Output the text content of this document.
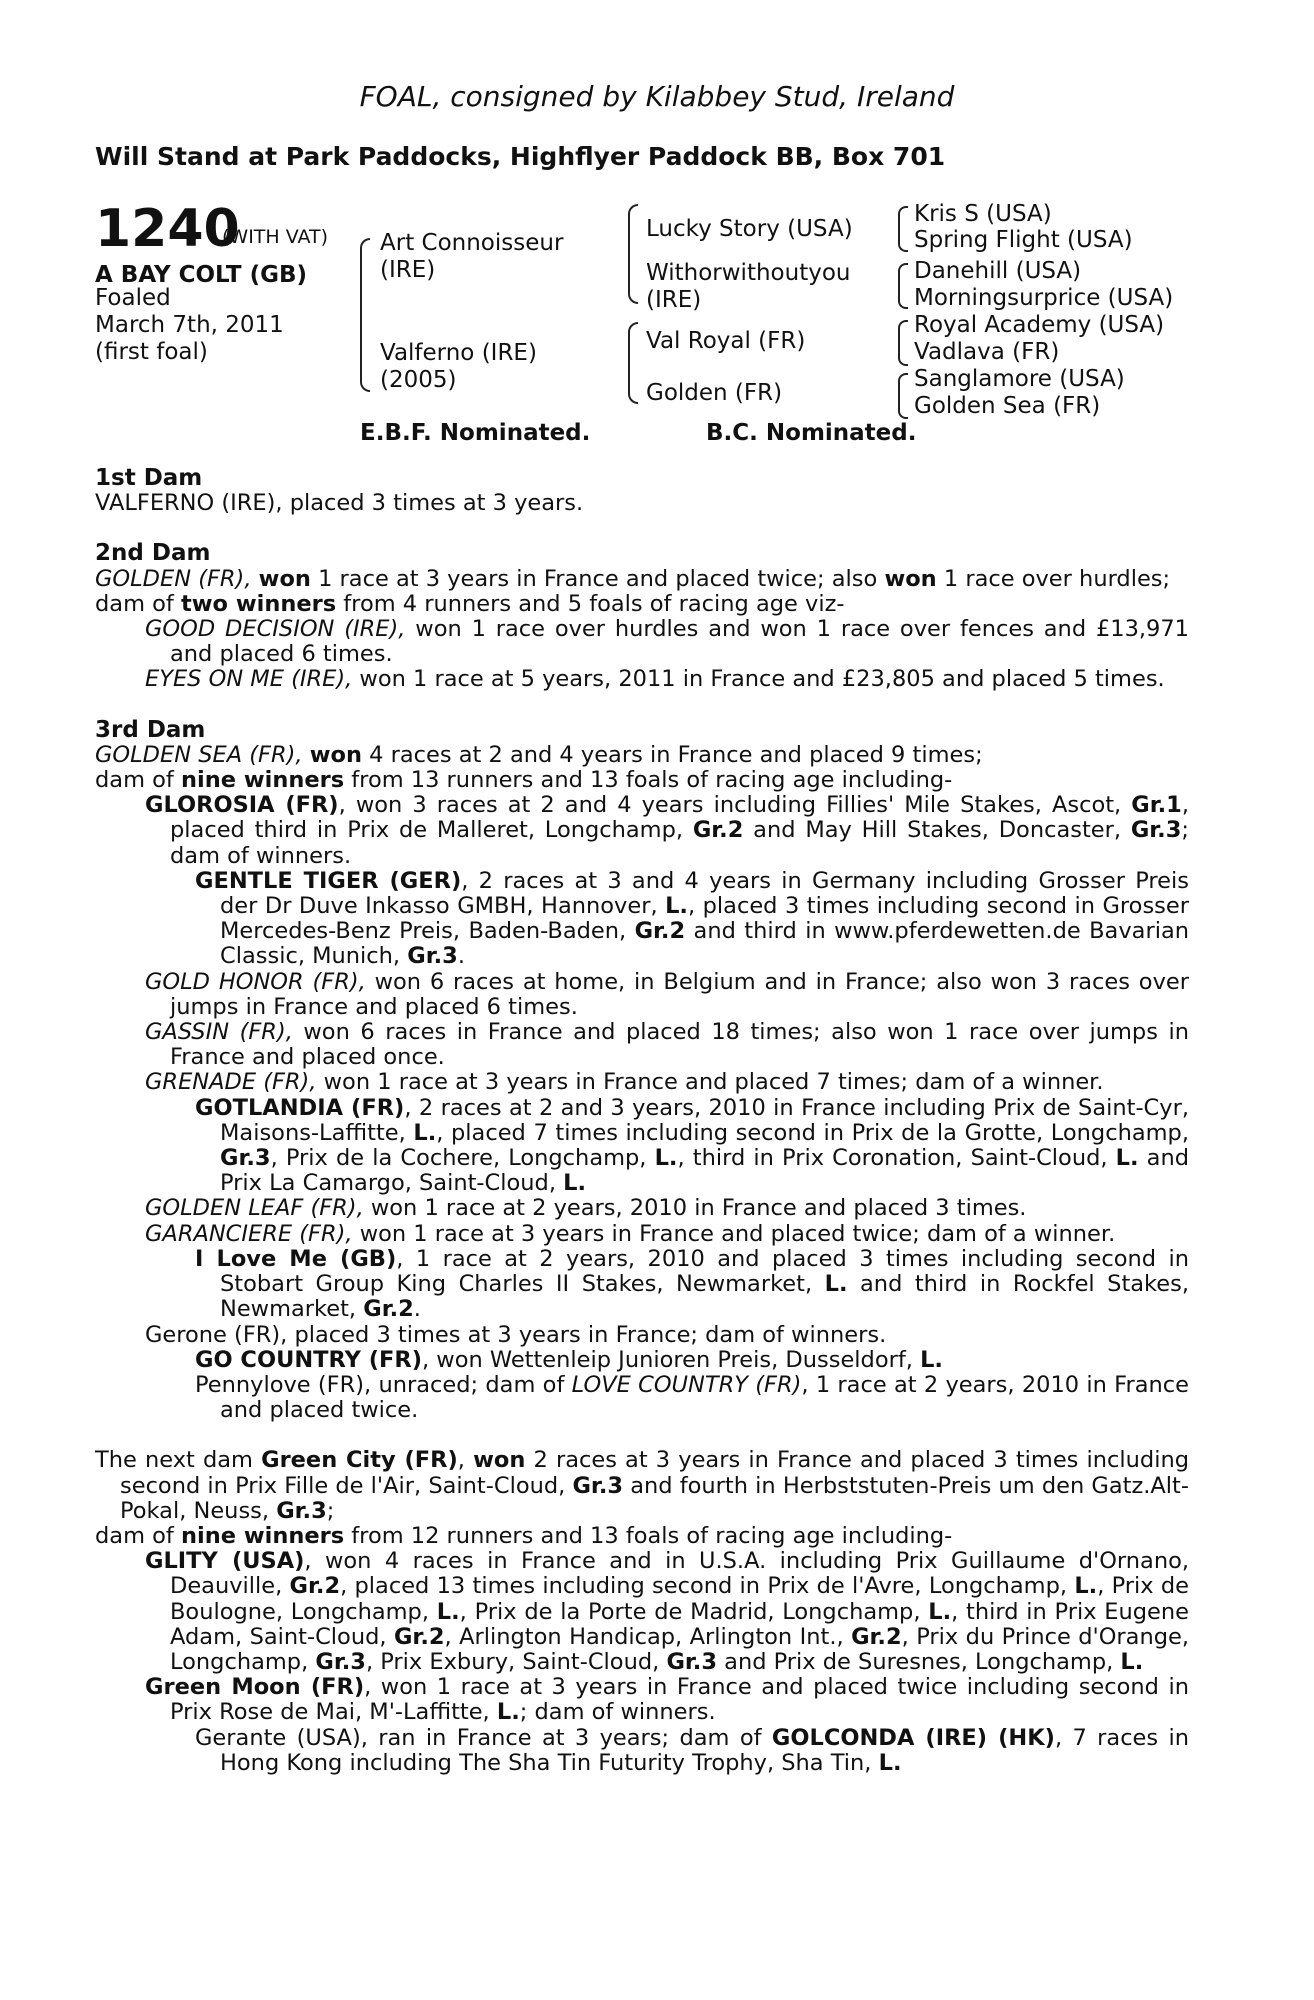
FOAL, consigned by Kilabbey Stud, Ireland
Will Stand at Park Paddocks, Highflyer Paddock BB, Box 701
1240
(WITH VAT)
A BAY COLT (GB)
Foaled
March 7th, 2011
(first foal)
Art Connoisseur
(IRE)
Valferno (IRE)
(2005)
Lucky Story (USA)
Withorwithoutyou
(IRE)
Val Royal (FR)
Golden (FR)
Kris S (USA)
Spring Flight (USA)
Danehill (USA)
Morningsurprice (USA)
Royal Academy (USA)
Vadlava (FR)
Sanglamore (USA)
Golden Sea (FR)
E.B.F. Nominated.	B.C. Nominated.

1st Dam

VALFERNO (IRE), placed 3 times at 3 years.

2nd Dam

GOLDEN (FR), won 1 race at 3 years in France and placed twice; also won 1 race over hurdles;

dam of two winners from 4 runners and 5 foals of racing age viz-

GOOD DECISION (IRE), won 1 race over hurdles and won 1 race over fences and £13,971 and placed 6 times.

EYES ON ME (IRE), won 1 race at 5 years, 2011 in France and £23,805 and placed 5 times.

3rd Dam

GOLDEN SEA (FR), won 4 races at 2 and 4 years in France and placed 9 times;

dam of nine winners from 13 runners and 13 foals of racing age including-

GLOROSIA (FR), won 3 races at 2 and 4 years including Fillies' Mile Stakes, Ascot, Gr.1, placed third in Prix de Malleret, Longchamp, Gr.2 and May Hill Stakes, Doncaster, Gr.3; dam of winners.

GENTLE TIGER (GER), 2 races at 3 and 4 years in Germany including Grosser Preis der Dr Duve Inkasso GMBH, Hannover, L., placed 3 times including second in Grosser Mercedes-Benz Preis, Baden-Baden, Gr.2 and third in www.pferdewetten.de Bavarian Classic, Munich, Gr.3.

GOLD HONOR (FR), won 6 races at home, in Belgium and in France; also won 3 races over jumps in France and placed 6 times.

GASSIN (FR), won 6 races in France and placed 18 times; also won 1 race over jumps in France and placed once.

GRENADE (FR), won 1 race at 3 years in France and placed 7 times; dam of a winner.

GOTLANDIA (FR), 2 races at 2 and 3 years, 2010 in France including Prix de Saint-Cyr, Maisons-Laffitte, L., placed 7 times including second in Prix de la Grotte, Longchamp, Gr.3, Prix de la Cochere, Longchamp, L., third in Prix Coronation, Saint-Cloud, L. and Prix La Camargo, Saint-Cloud, L.

GOLDEN LEAF (FR), won 1 race at 2 years, 2010 in France and placed 3 times.

GARANCIERE (FR), won 1 race at 3 years in France and placed twice; dam of a winner.

I Love Me (GB), 1 race at 2 years, 2010 and placed 3 times including second in Stobart Group King Charles II Stakes, Newmarket, L. and third in Rockfel Stakes, Newmarket, Gr.2.

Gerone (FR), placed 3 times at 3 years in France; dam of winners.

GO COUNTRY (FR), won Wettenleip Junioren Preis, Dusseldorf, L.

Pennylove (FR), unraced; dam of LOVE COUNTRY (FR), 1 race at 2 years, 2010 in France and placed twice.

The next dam Green City (FR), won 2 races at 3 years in France and placed 3 times including second in Prix Fille de l'Air, Saint-Cloud, Gr.3 and fourth in Herbststuten-Preis um den Gatz.Alt-Pokal, Neuss, Gr.3;

dam of nine winners from 12 runners and 13 foals of racing age including-

GLITY (USA), won 4 races in France and in U.S.A. including Prix Guillaume d'Ornano, Deauville, Gr.2, placed 13 times including second in Prix de l'Avre, Longchamp, L., Prix de Boulogne, Longchamp, L., Prix de la Porte de Madrid, Longchamp, L., third in Prix Eugene Adam, Saint-Cloud, Gr.2, Arlington Handicap, Arlington Int., Gr.2, Prix du Prince d'Orange, Longchamp, Gr.3, Prix Exbury, Saint-Cloud, Gr.3 and Prix de Suresnes, Longchamp, L.

Green Moon (FR), won 1 race at 3 years in France and placed twice including second in Prix Rose de Mai, M'-Laffitte, L.; dam of winners.

Gerante (USA), ran in France at 3 years; dam of GOLCONDA (IRE) (HK), 7 races in Hong Kong including The Sha Tin Futurity Trophy, Sha Tin, L.
